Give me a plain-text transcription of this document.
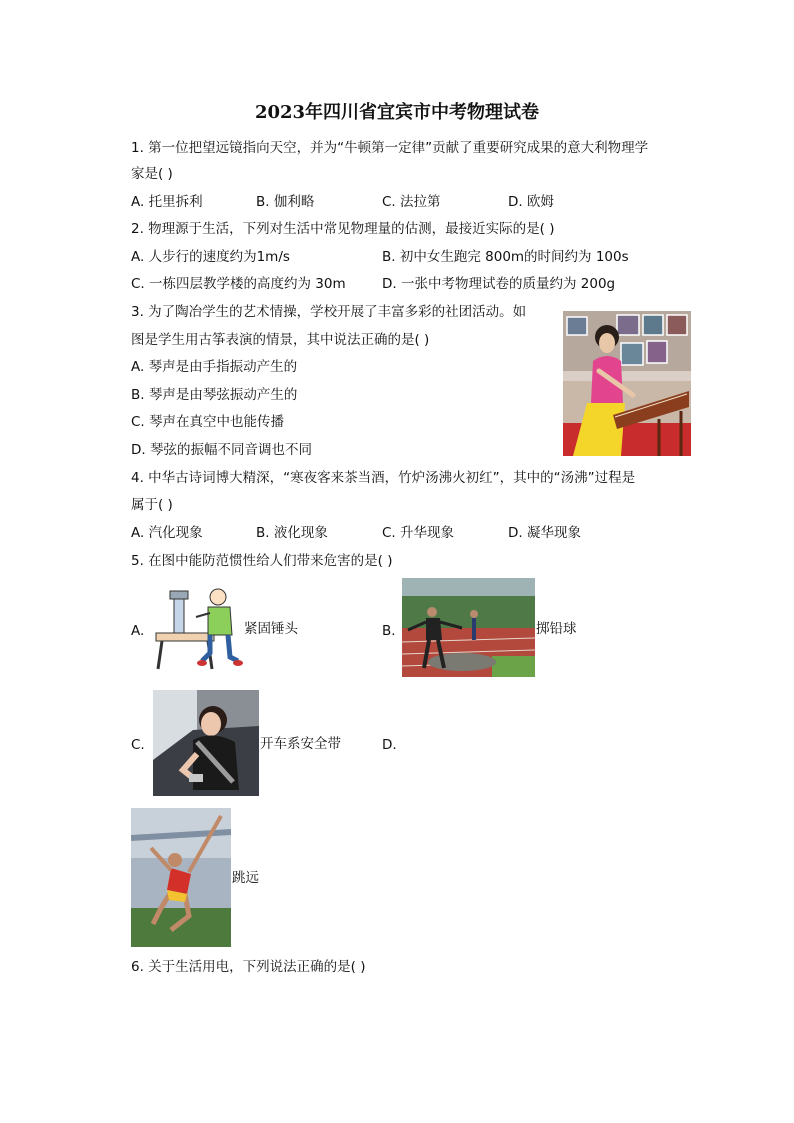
2023年四川省宜宾市中考物理试卷
1. 第一位把望远镜指向天空，并为“牛顿第一定律”贡献了重要研究成果的意大利物理学
家是( )
A. 托里拆利	B. 伽利略	C. 法拉第	D. 欧姆
2. 物理源于生活，下列对生活中常见物理量的估测，最接近实际的是( )
A. 人步行的速度约为1m/s	B. 初中女生跑完 800m的时间约为 100s
C. 一栋四层教学楼的高度约为 30m	D. 一张中考物理试卷的质量约为 200g
3. 为了陶冶学生的艺术情操，学校开展了丰富多彩的社团活动。如
图是学生用古筝表演的情景，其中说法正确的是( )
A. 琴声是由手指振动产生的
B. 琴声是由琴弦振动产生的
C. 琴声在真空中也能传播
D. 琴弦的振幅不同音调也不同
4. 中华古诗词博大精深，“寒夜客来茶当酒，竹炉汤沸火初红”，其中的“汤沸”过程是
属于( )
A. 汽化现象	B. 液化现象	C. 升华现象	D. 凝华现象
5. 在图中能防范惯性给人们带来危害的是( )
A.	紧固锤头	B.	掷铅球
C.	开车系安全带	D.
跳远
6. 关于生活用电，下列说法正确的是( )
